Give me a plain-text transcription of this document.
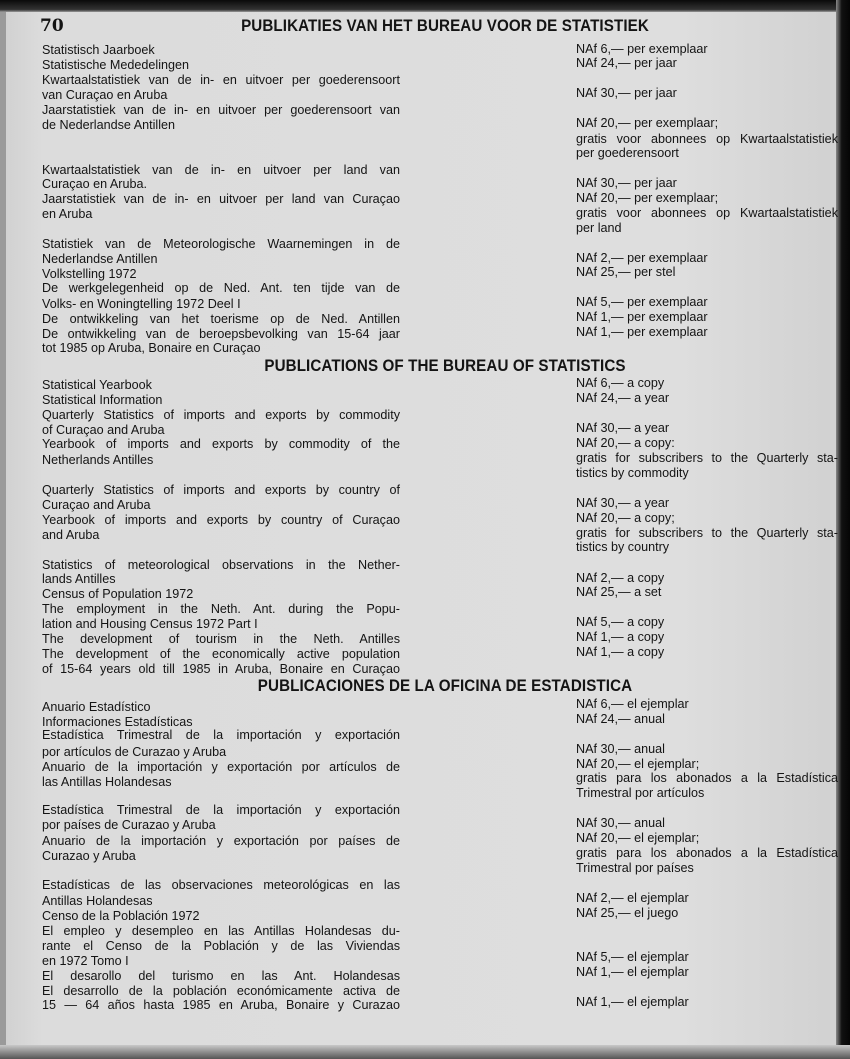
70	PUBLIKATIES VAN HET BUREAU VOOR DE STATISTIEK
Statistisch Jaarboek
Statistische Mededelingen
Kwartaalstatistiek van de in- en uitvoer per goederensoort
van Curaçao en Aruba
Jaarstatistiek van de in- en uitvoer per goederensoort van
de Nederlandse Antillen
Kwartaalstatistiek van de in- en uitvoer per land van
Curaçao en Aruba.
Jaarstatistiek van de in- en uitvoer per land van Curaçao
en Aruba
Statistiek van de Meteorologische Waarnemingen in de
Nederlandse Antillen
Volkstelling 1972
De werkgelegenheid op de Ned. Ant. ten tijde van de
Volks- en Woningtelling 1972 Deel I
De ontwikkeling van het toerisme op de Ned. Antillen
De ontwikkeling van de beroepsbevolking van 15-64 jaar
tot 1985 op Aruba, Bonaire en Curaçao
NAf 6,— per exemplaar
NAf 24,— per jaar
NAf 30,— per jaar
NAf 20,— per exemplaar;
gratis voor abonnees op Kwartaalstatistiek
per goederensoort
NAf 30,— per jaar
NAf 20,— per exemplaar;
gratis voor abonnees op Kwartaalstatistiek
per land
NAf 2,— per exemplaar
NAf 25,— per stel
NAf 5,— per exemplaar
NAf 1,— per exemplaar
NAf 1,— per exemplaar
PUBLICATIONS OF THE BUREAU OF STATISTICS
Statistical Yearbook
Statistical Information
Quarterly Statistics of imports and exports by commodity
of Curaçao and Aruba
Yearbook of imports and exports by commodity of the
Netherlands Antilles
Quarterly Statistics of imports and exports by country of
Curaçao and Aruba
Yearbook of imports and exports by country of Curaçao
and Aruba
Statistics of meteorological observations in the Nether-
lands Antilles
Census of Population 1972
The employment in the Neth. Ant. during the Popu-
lation and Housing Census 1972 Part I
The development of tourism in the Neth. Antilles
The development of the economically active population
of 15-64 years old till 1985 in Aruba, Bonaire en Curaçao
NAf 6,— a copy
NAf 24,— a year
NAf 30,— a year
NAf 20,— a copy:
gratis for subscribers to the Quarterly sta-
tistics by commodity
NAf 30,— a year
NAf 20,— a copy;
gratis for subscribers to the Quarterly sta-
tistics by country
NAf 2,— a copy
NAf 25,— a set
NAf 5,— a copy
NAf 1,— a copy
NAf 1,— a copy
PUBLICACIONES DE LA OFICINA DE ESTADISTICA
Anuario Estadístico
Informaciones Estadísticas
Estadística Trimestral de la importación y exportación
por artículos de Curazao y Aruba
Anuario de la importación y exportación por artículos de
las Antillas Holandesas
Estadística Trimestral de la importación y exportación
por países de Curazao y Aruba
Anuario de la importación y exportación por países de
Curazao y Aruba
Estadísticas de las observaciones meteorológicas en las
Antillas Holandesas
Censo de la Población 1972
El empleo y desempleo en las Antillas Holandesas du-
rante el Censo de la Población y de las Viviendas
en 1972 Tomo I
El desarollo del turismo en las Ant. Holandesas
El desarrollo de la población económicamente activa de
15 — 64 años hasta 1985 en Aruba, Bonaire y Curazao
NAf 6,— el ejemplar
NAf 24,— anual
NAf 30,— anual
NAf 20,— el ejemplar;
gratis para los abonados a la Estadística
Trimestral por artículos
NAf 30,— anual
NAf 20,— el ejemplar;
gratis para los abonados a la Estadística
Trimestral por países
NAf 2,— el ejemplar
NAf 25,— el juego
NAf 5,— el ejemplar
NAf 1,— el ejemplar
NAf 1,— el ejemplar
